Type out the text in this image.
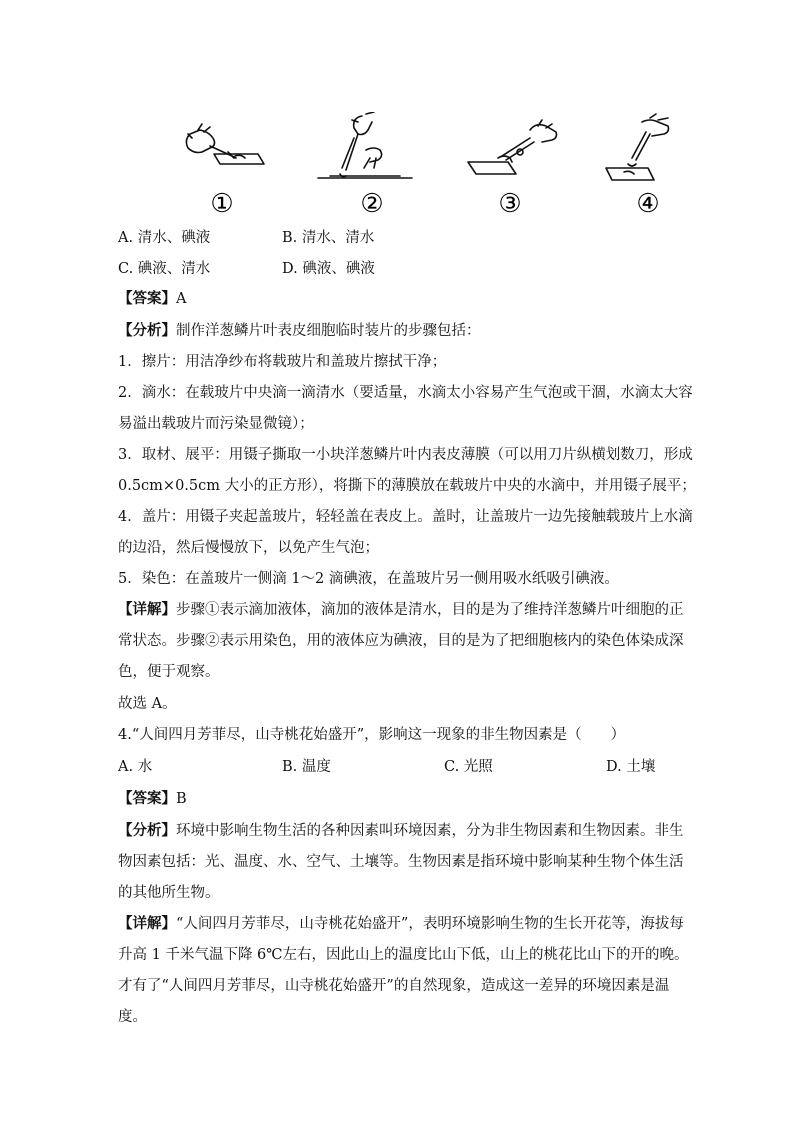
①	②	③	④
A. 清水、碘液	B. 清水、清水
C. 碘液、清水	D. 碘液、碘液
【答案】A
【分析】制作洋葱鳞片叶表皮细胞临时装片的步骤包括：
1．擦片：用洁净纱布将载玻片和盖玻片擦拭干净；
2．滴水：在载玻片中央滴一滴清水（要适量，水滴太小容易产生气泡或干涸，水滴太大容
易溢出载玻片而污染显微镜）；
3．取材、展平：用镊子撕取一小块洋葱鳞片叶内表皮薄膜（可以用刀片纵横划数刀，形成
0.5cm×0.5cm 大小的正方形），将撕下的薄膜放在载玻片中央的水滴中，并用镊子展平；
4．盖片：用镊子夹起盖玻片，轻轻盖在表皮上。盖时，让盖玻片一边先接触载玻片上水滴
的边沿，然后慢慢放下，以免产生气泡；
5．染色：在盖玻片一侧滴 1～2 滴碘液，在盖玻片另一侧用吸水纸吸引碘液。
【详解】步骤①表示滴加液体，滴加的液体是清水，目的是为了维持洋葱鳞片叶细胞的正
常状态。步骤②表示用染色，用的液体应为碘液，目的是为了把细胞核内的染色体染成深
色，便于观察。
故选 A。
4.“人间四月芳菲尽，山寺桃花始盛开”，影响这一现象的非生物因素是（　　）
A. 水	B. 温度	C. 光照	D. 土壤
【答案】B
【分析】环境中影响生物生活的各种因素叫环境因素，分为非生物因素和生物因素。非生
物因素包括：光、温度、水、空气、土壤等。生物因素是指环境中影响某种生物个体生活
的其他所生物。
【详解】“人间四月芳菲尽，山寺桃花始盛开”，表明环境影响生物的生长开花等，海拔每
升高 1 千米气温下降 6℃左右，因此山上的温度比山下低，山上的桃花比山下的开的晚。
才有了“人间四月芳菲尽，山寺桃花始盛开”的自然现象，造成这一差异的环境因素是温
度。
